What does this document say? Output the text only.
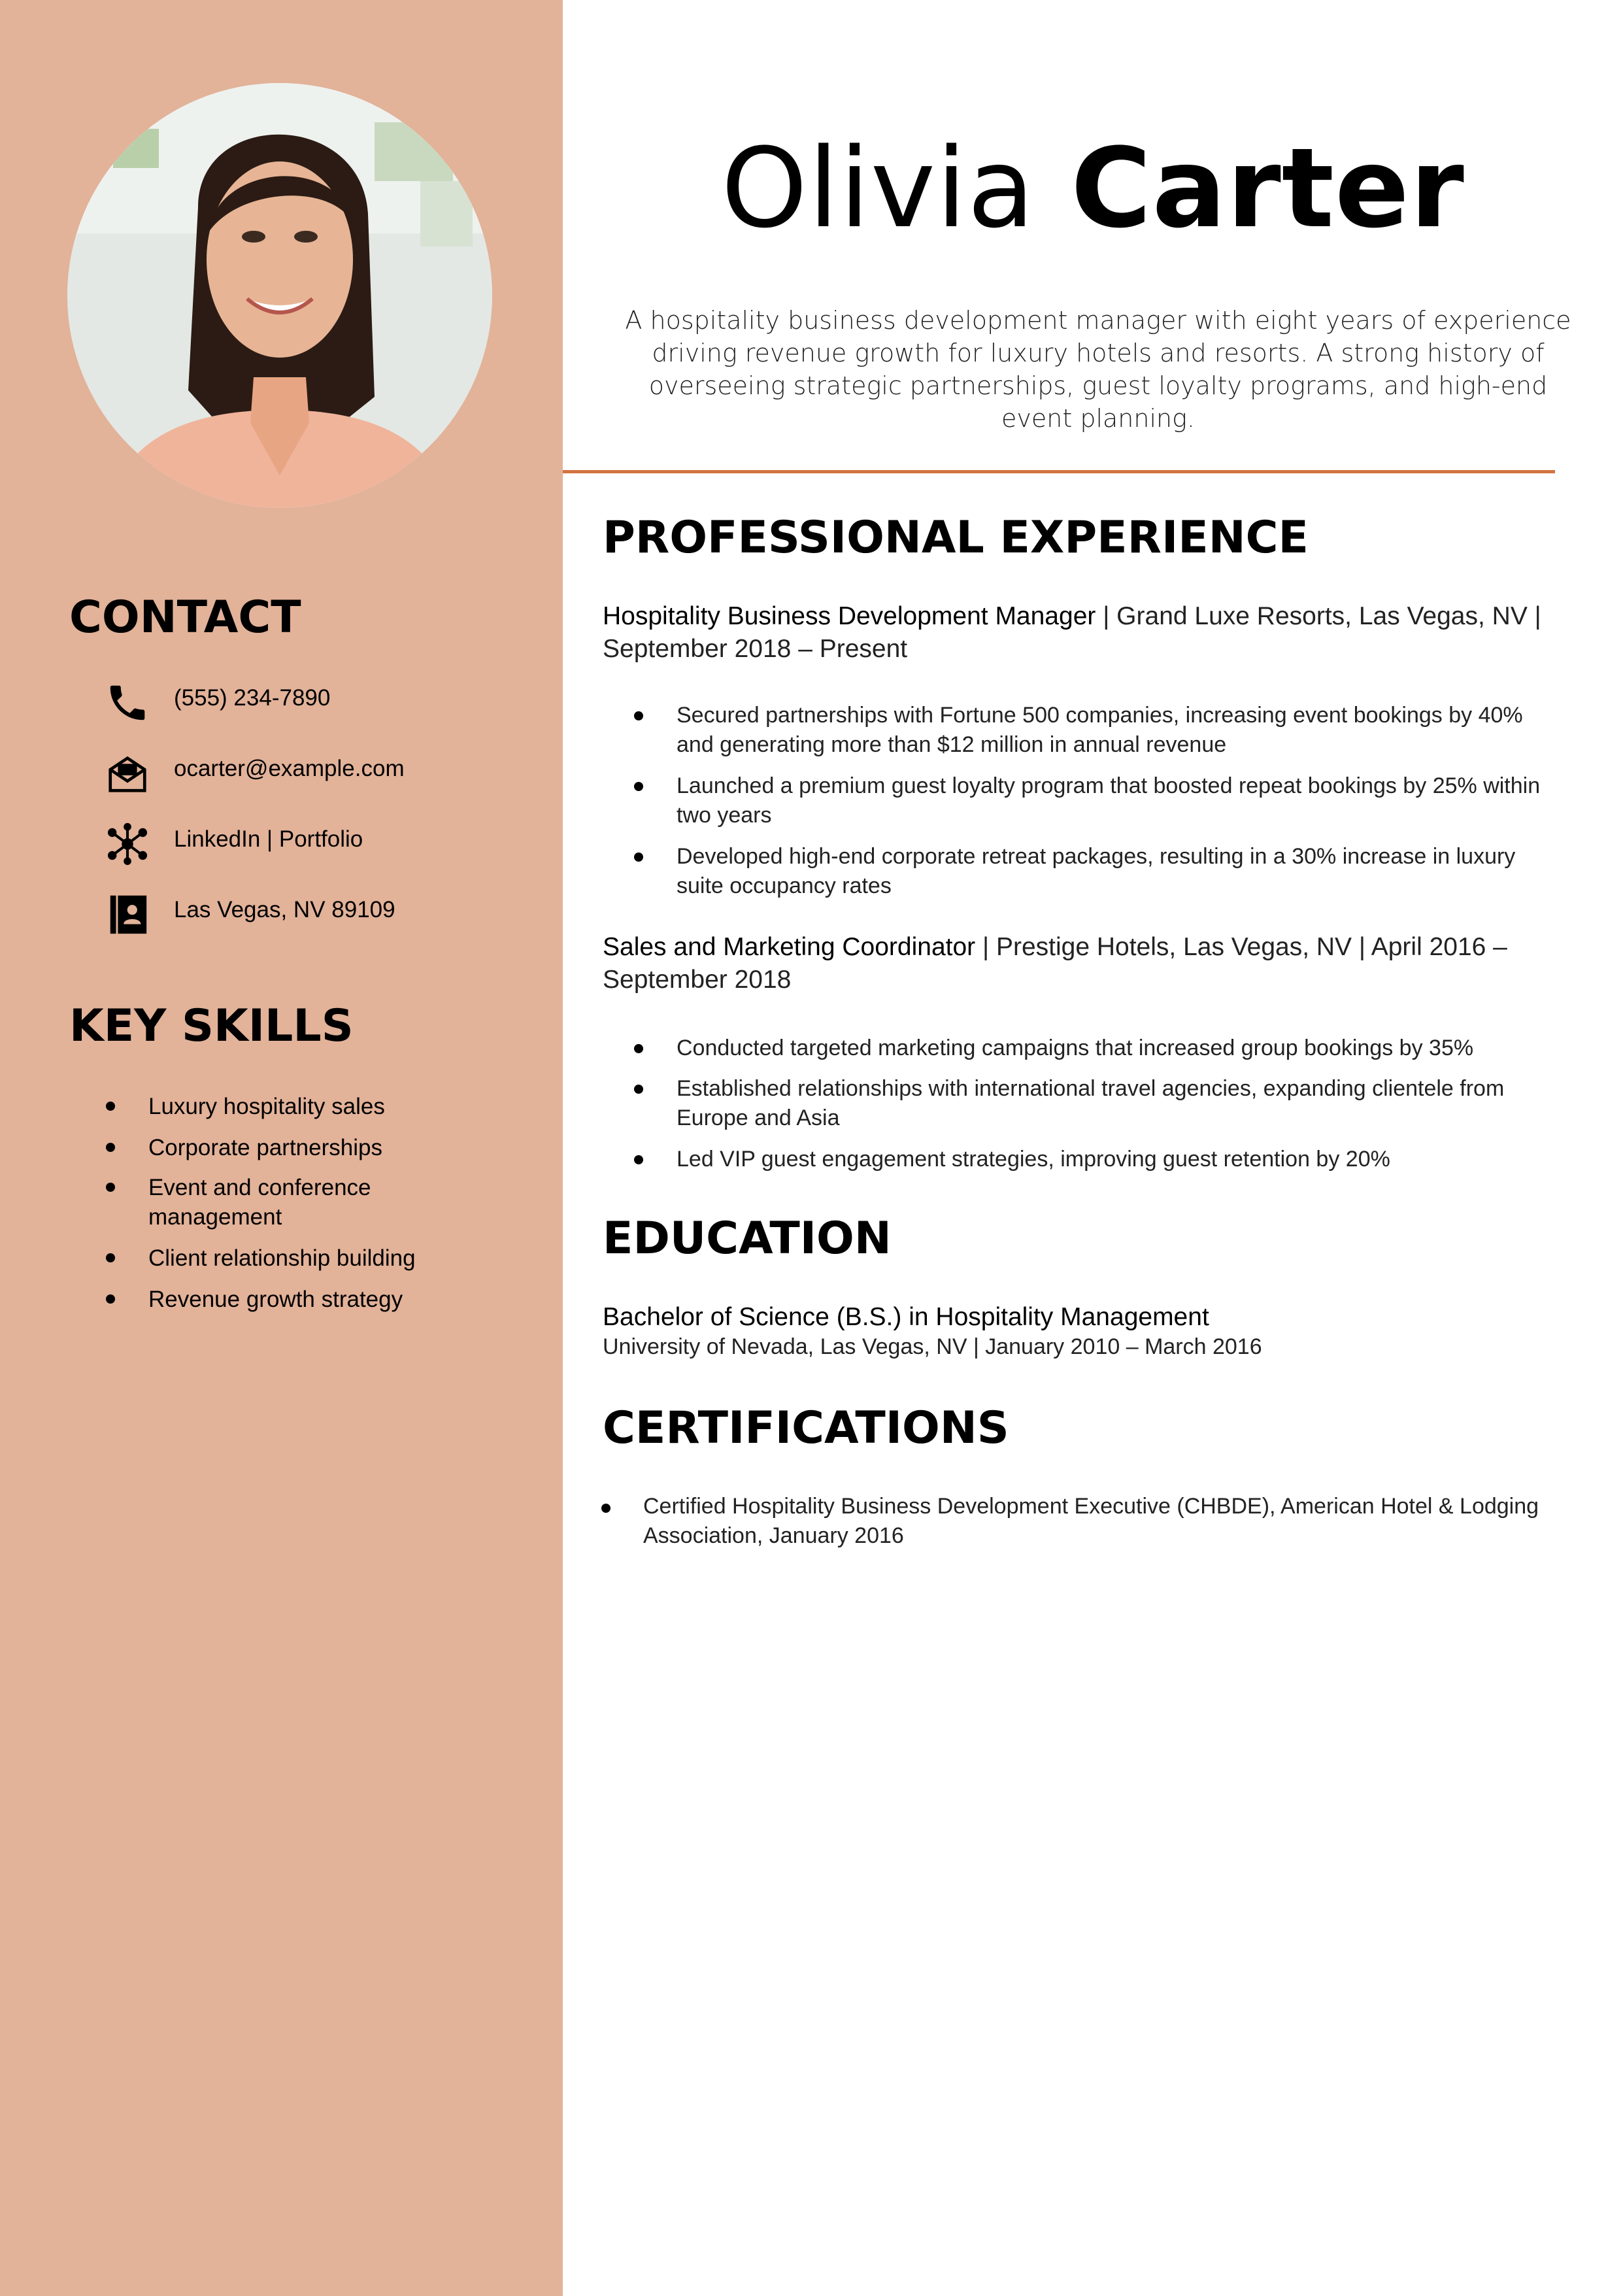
CONTACT
(555) 234-7890
ocarter@example.com
LinkedIn | Portfolio
Las Vegas, NV 89109
KEY SKILLS
Luxury hospitality sales
Corporate partnerships
Event and conference management
Client relationship building
Revenue growth strategy
Olivia Carter
A hospitality business development manager with eight years of experience driving revenue growth for luxury hotels and resorts. A strong history of overseeing strategic partnerships, guest loyalty programs, and high-end event planning.
PROFESSIONAL EXPERIENCE
Hospitality Business Development Manager | Grand Luxe Resorts, Las Vegas, NV | September 2018 – Present
Secured partnerships with Fortune 500 companies, increasing event bookings by 40% and generating more than $12 million in annual revenue
Launched a premium guest loyalty program that boosted repeat bookings by 25% within two years
Developed high-end corporate retreat packages, resulting in a 30% increase in luxury suite occupancy rates
Sales and Marketing Coordinator | Prestige Hotels, Las Vegas, NV | April 2016 – September 2018
Conducted targeted marketing campaigns that increased group bookings by 35%
Established relationships with international travel agencies, expanding clientele from Europe and Asia
Led VIP guest engagement strategies, improving guest retention by 20%
EDUCATION
Bachelor of Science (B.S.) in Hospitality Management
University of Nevada, Las Vegas, NV | January 2010 – March 2016
CERTIFICATIONS
Certified Hospitality Business Development Executive (CHBDE), American Hotel & Lodging Association, January 2016
